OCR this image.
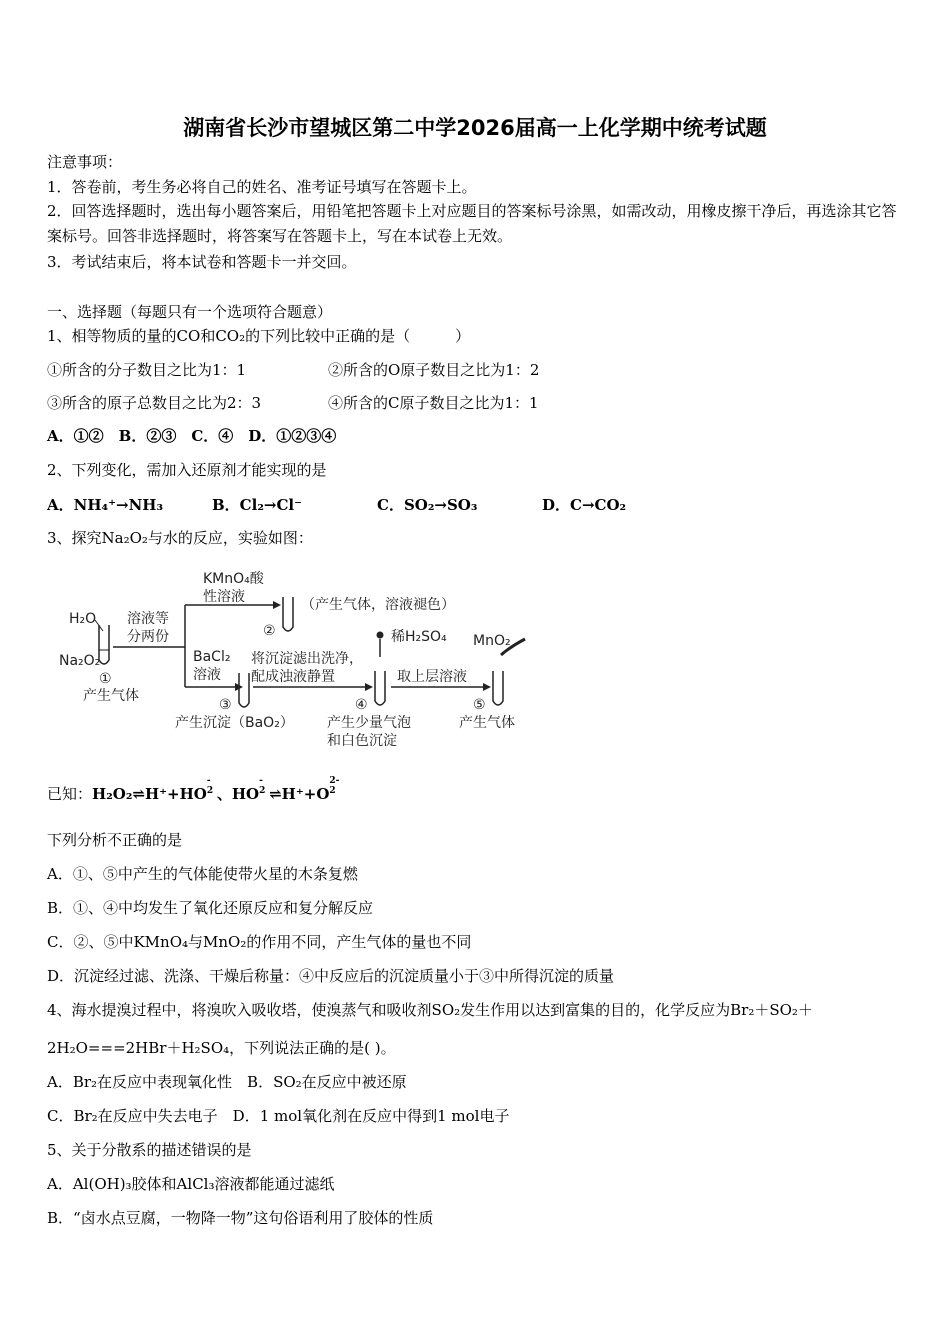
湖南省长沙市望城区第二中学2026届高一上化学期中统考试题
注意事项：
1．答卷前，考生务必将自己的姓名、准考证号填写在答题卡上。
2．回答选择题时，选出每小题答案后，用铅笔把答题卡上对应题目的答案标号涂黑，如需改动，用橡皮擦干净后，再选涂其它答案标号。回答非选择题时，将答案写在答题卡上，写在本试卷上无效。
3．考试结束后，将本试卷和答题卡一并交回。
一、选择题（每题只有一个选项符合题意）
1、相等物质的量的CO和CO₂的下列比较中正确的是（　　　）
①所含的分子数目之比为1：1	②所含的O原子数目之比为1：2
③所含的原子总数目之比为2：3	④所含的C原子数目之比为1：1
A．①②　B．②③　C．④　D．①②③④
2、下列变化，需加入还原剂才能实现的是
A．NH₄⁺→NH₃	B．Cl₂→Cl⁻	C．SO₂→SO₃	D．C→CO₂
3、探究Na₂O₂与水的反应，实验如图：
H₂O
Na₂O₂
①
产生气体
溶液等
分两份
KMnO₄酸
性溶液	（产生气体，溶液褪色）
②
BaCl₂
溶液
③
产生沉淀（BaO₂）
将沉淀滤出洗净，
配成浊液静置
稀H₂SO₄
④
产生少量气泡
和白色沉淀
取上层溶液
MnO₂
⑤
产生气体
已知：H₂O₂⇌H⁺+HO
-
2 、HO
-
2 ⇌H⁺+O
2-
2
下列分析不正确的是
A．①、⑤中产生的气体能使带火星的木条复燃
B．①、④中均发生了氧化还原反应和复分解反应
C．②、⑤中KMnO₄与MnO₂的作用不同，产生气体的量也不同
D．沉淀经过滤、洗涤、干燥后称量：④中反应后的沉淀质量小于③中所得沉淀的质量
4、海水提溴过程中，将溴吹入吸收塔，使溴蒸气和吸收剂SO₂发生作用以达到富集的目的，化学反应为Br₂＋SO₂＋
2H₂O===2HBr＋H₂SO₄，下列说法正确的是( )。
A．Br₂在反应中表现氧化性　B．SO₂在反应中被还原
C．Br₂在反应中失去电子　D．1 mol氧化剂在反应中得到1 mol电子
5、关于分散系的描述错误的是
A．Al(OH)₃胶体和AlCl₃溶液都能通过滤纸
B．“卤水点豆腐，一物降一物”这句俗语利用了胶体的性质
